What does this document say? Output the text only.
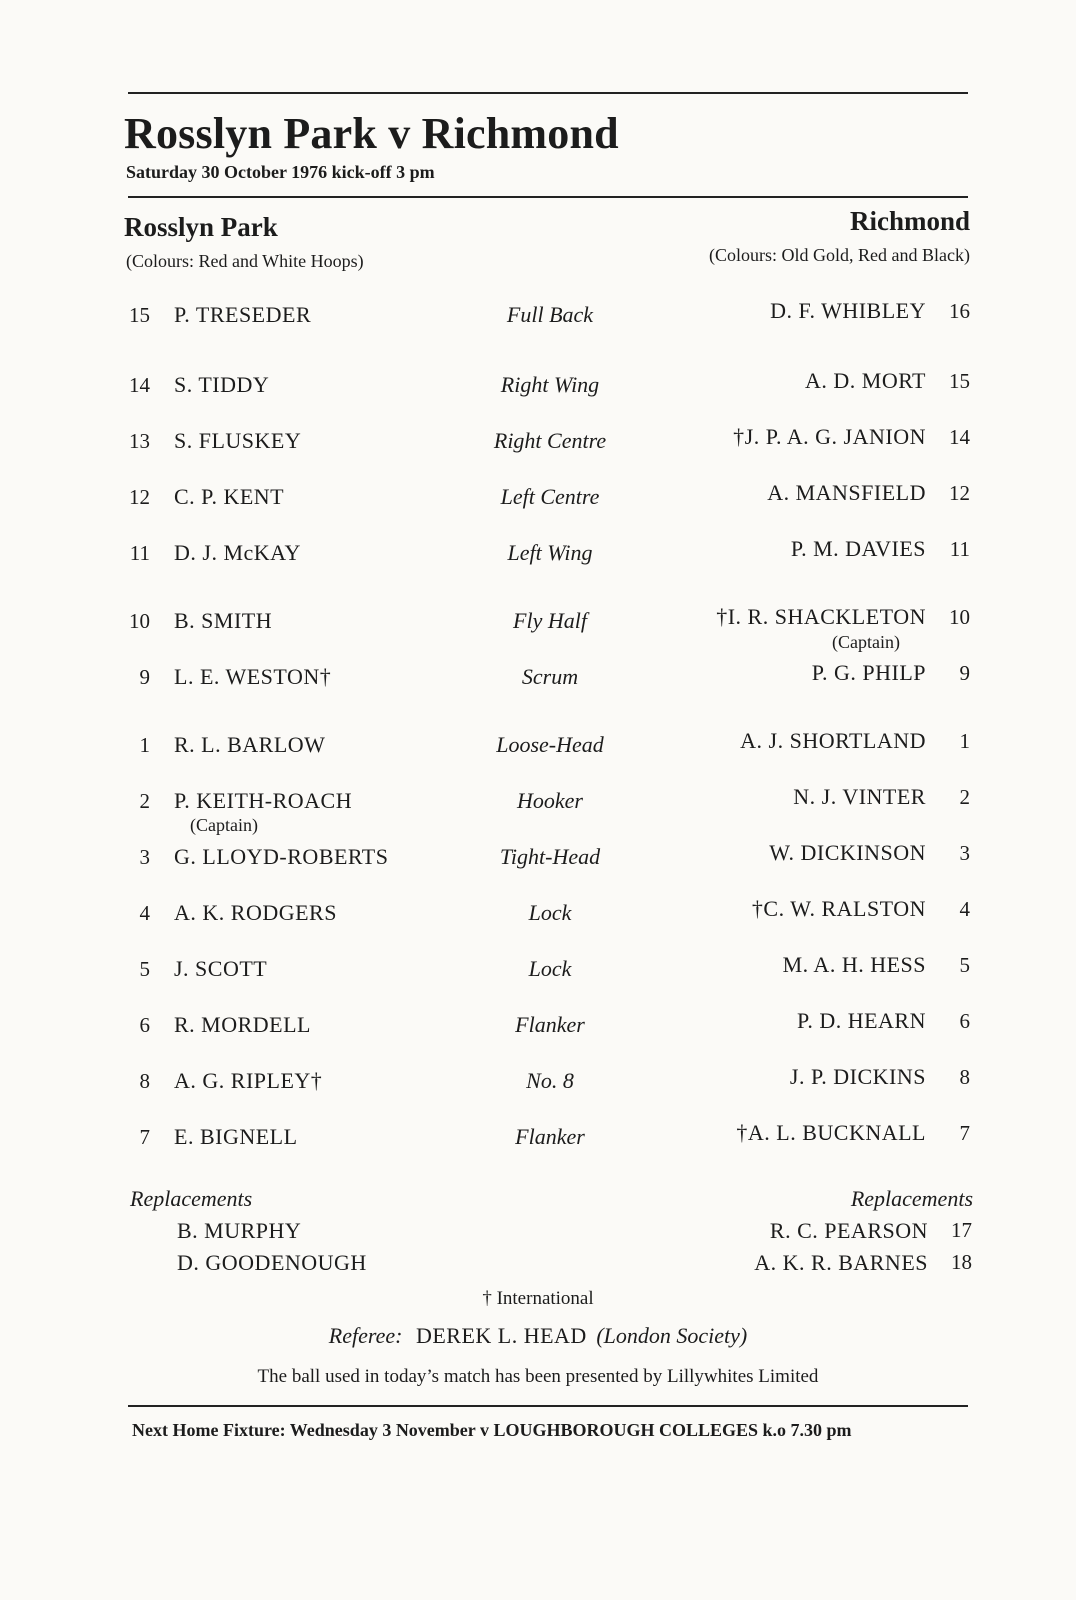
Rosslyn Park v Richmond
Saturday 30 October 1976 kick-off 3 pm
Rosslyn Park
(Colours: Red and White Hoops)
Richmond
(Colours: Old Gold, Red and Black)
15 P. TRESEDER	Full Back	D. F. WHIBLEY	16
14 S. TIDDY	Right Wing	A. D. MORT	15
13 S. FLUSKEY	Right Centre	†J. P. A. G. JANION	14
12 C. P. KENT	Left Centre	A. MANSFIELD	12
11 D. J. McKAY	Left Wing	P. M. DAVIES	11
10 B. SMITH	Fly Half	†I. R. SHACKLETON	10
9 L. E. WESTON†	Scrum	P. G. PHILP	9
1 R. L. BARLOW	Loose-Head	A. J. SHORTLAND	1
2 P. KEITH-ROACH	Hooker	N. J. VINTER	2
3 G. LLOYD-ROBERTS	Tight-Head	W. DICKINSON	3
4 A. K. RODGERS	Lock	†C. W. RALSTON	4
5 J. SCOTT	Lock	M. A. H. HESS	5
6 R. MORDELL	Flanker	P. D. HEARN	6
8 A. G. RIPLEY†	No. 8	J. P. DICKINS	8
7 E. BIGNELL	Flanker	†A. L. BUCKNALL	7
(Captain)
(Captain)
Replacements
B. MURPHY
D. GOODENOUGH
Replacements
R. C. PEARSON	17
A. K. R. BARNES	18
† International
Referee: DEREK L. HEAD (London Society)
The ball used in today’s match has been presented by Lillywhites Limited
Next Home Fixture: Wednesday 3 November v LOUGHBOROUGH COLLEGES k.o 7.30 pm
